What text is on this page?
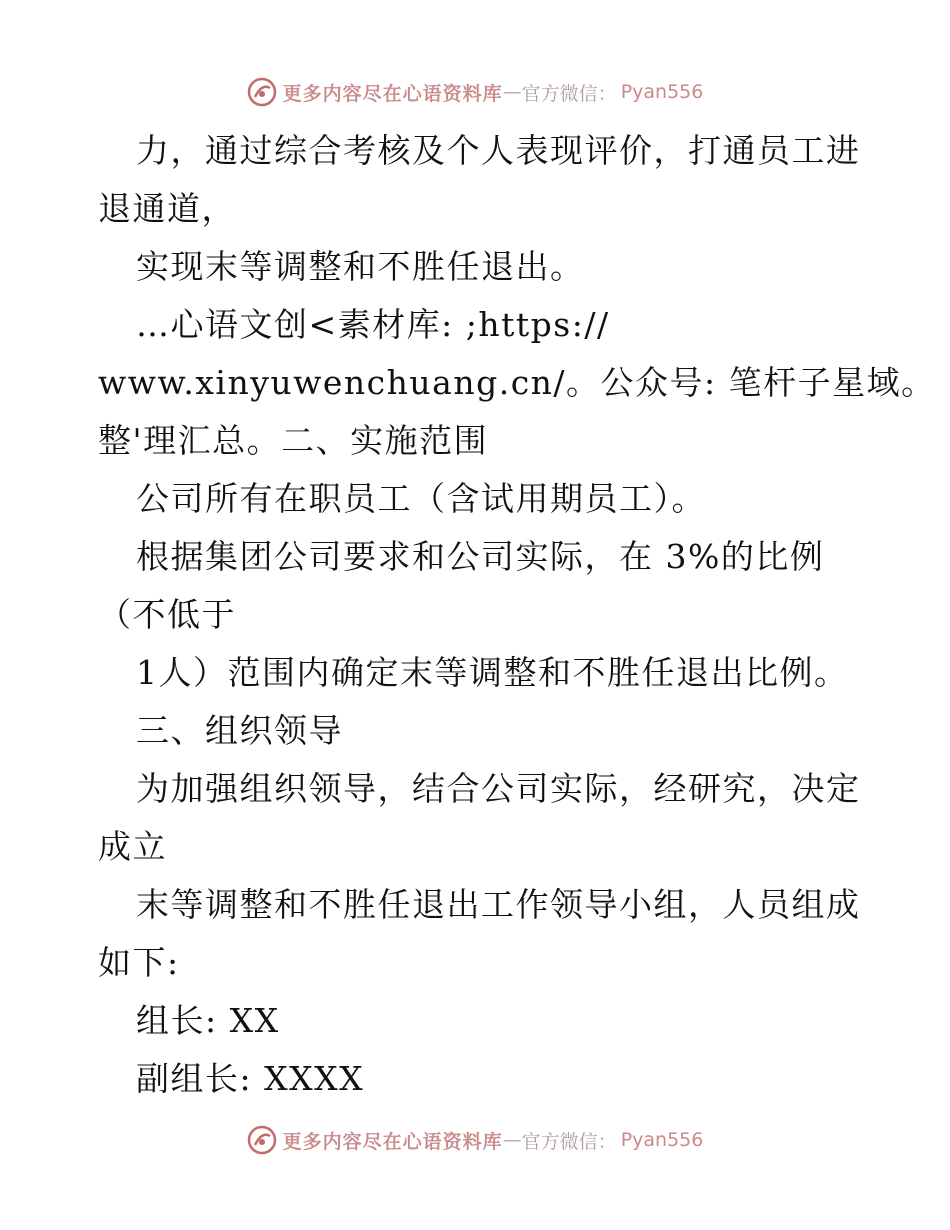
更多内容尽在心语资料库 — 官方微信： Pyan556
力，通过综合考核及个人表现评价，打通员工进
退通道，
实现末等调整和不胜任退出。
…心语文创<素材库: ;https://
www.xinyuwenchuang.cn/。公众号: 笔杆子星域。
整'理汇总。二、实施范围
公司所有在职员工（含试用期员工）。
根据集团公司要求和公司实际，在 3%的比例
（不低于
1人）范围内确定末等调整和不胜任退出比例。
三、组织领导
为加强组织领导，结合公司实际，经研究，决定
成立
末等调整和不胜任退出工作领导小组，人员组成
如下:
组长: XX
副组长: XXXX
更多内容尽在心语资料库 — 官方微信： Pyan556
